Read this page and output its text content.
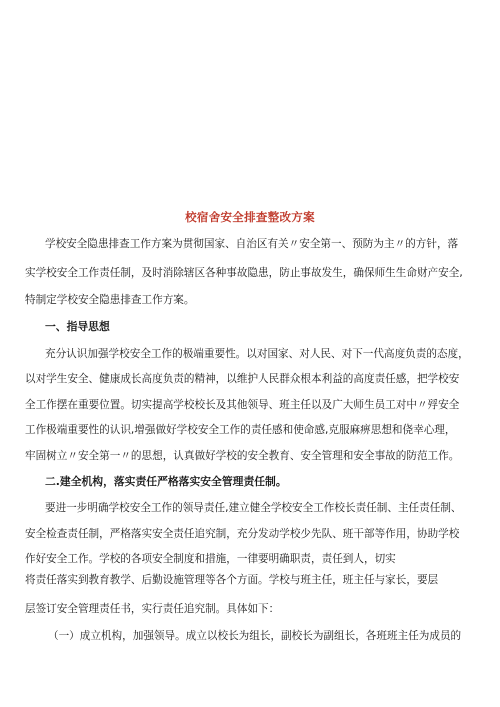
校宿舍安全排查整改方案
学校安全隐患排查工作方案为贯彻国家、自治区有关〃安全第一、预防为主〃的方针，落
实学校安全工作责任制，及时消除辖区各种事故隐患，防止事故发生，确保师生生命财产安全,
特制定学校安全隐患排查工作方案。
一、指导思想
充分认识加强学校安全工作的极端重要性。以对国家、对人民、对下一代高度负责的态度，
以对学生安全、健康成长高度负责的精神，以维护人民群众根本利益的高度责任感，把学校安
全工作摆在重要位置。切实提高学校校长及其他领导、班主任以及广大师生员工对中〃殍安全
工作极端重要性的认识,增强做好学校安全工作的责任感和使命感,克服麻痹思想和侥幸心理，
牢固树立〃安全第一〃的思想，认真做好学校的安全教育、安全管理和安全事故的防范工作。
二.建全机构，落实责任严格落实安全管理责任制。
要进一步明确学校安全工作的领导责任,建立健全学校安全工作校长责任制、主任责任制、
安全检查责任制，严格落实安全责任追究制，充分发动学校少先队、班干部等作用，协助学校
作好安全工作。学校的各项安全制度和措施，一律要明确职责，责任到人，切实
将责任落实到教育教学、后勤设施管理等各个方面。学校与班主任，班主任与家长，要层
层签订安全管理责任书，实行责任追究制。具体如下：
（一）成立机构，加强领导。成立以校长为组长，副校长为副组长，各班班主任为成员的
